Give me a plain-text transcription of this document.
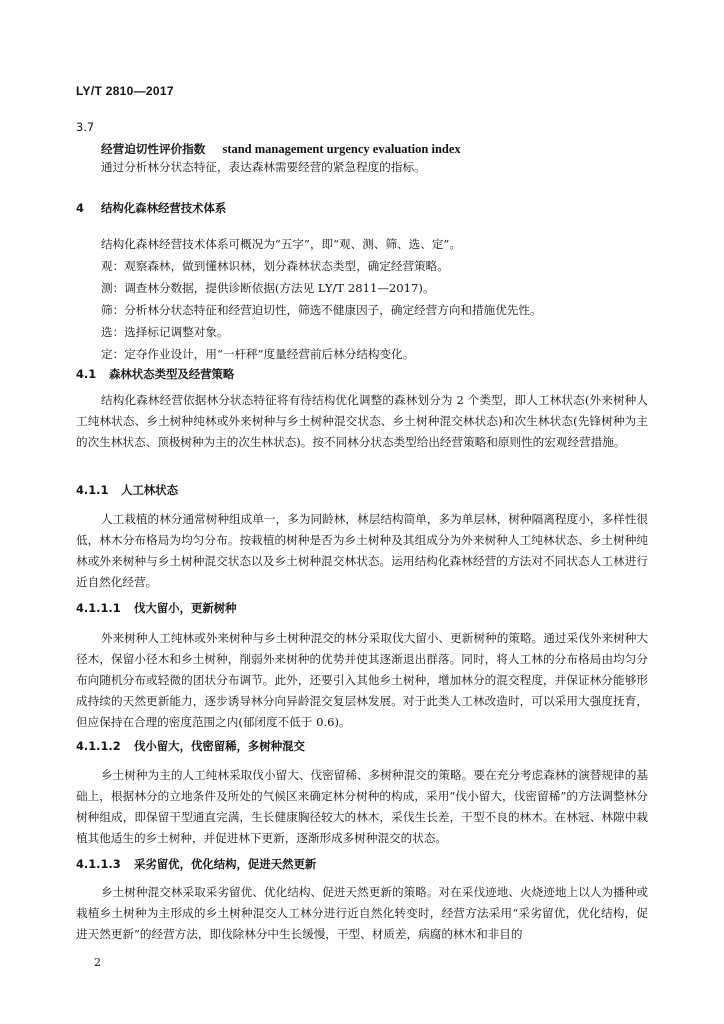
LY/T 2810—2017
3.7
经营迫切性评价指数 stand management urgency evaluation index
通过分析林分状态特征，表达森林需要经营的紧急程度的指标。
4 结构化森林经营技术体系
结构化森林经营技术体系可概况为“五字”，即“观、测、筛、选、定”。
观：观察森林，做到懂林识林，划分森林状态类型，确定经营策略。
测：调查林分数据，提供诊断依据(方法见 LY/T 2811—2017)。
筛：分析林分状态特征和经营迫切性，筛选不健康因子，确定经营方向和措施优先性。
选：选择标记调整对象。
定：定夺作业设计，用“一杆秤”度量经营前后林分结构变化。
4.1 森林状态类型及经营策略
结构化森林经营依据林分状态特征将有待结构优化调整的森林划分为 2 个类型，即人工林状态(外来树种人工纯林状态、乡土树种纯林或外来树种与乡土树种混交状态、乡土树种混交林状态)和次生林状态(先锋树种为主的次生林状态、顶极树种为主的次生林状态)。按不同林分状态类型给出经营策略和原则性的宏观经营措施。
4.1.1 人工林状态
人工栽植的林分通常树种组成单一，多为同龄林，林层结构简单，多为单层林，树种隔离程度小，多样性很低，林木分布格局为均匀分布。按栽植的树种是否为乡土树种及其组成分为外来树种人工纯林状态、乡土树种纯林或外来树种与乡土树种混交状态以及乡土树种混交林状态。运用结构化森林经营的方法对不同状态人工林进行近自然化经营。
4.1.1.1 伐大留小，更新树种
外来树种人工纯林或外来树种与乡土树种混交的林分采取伐大留小、更新树种的策略。通过采伐外来树种大径木，保留小径木和乡土树种，削弱外来树种的优势并使其逐渐退出群落。同时，将人工林的分布格局由均匀分布向随机分布或轻微的团状分布调节。此外，还要引入其他乡土树种，增加林分的混交程度，并保证林分能够形成持续的天然更新能力，逐步诱导林分向异龄混交复层林发展。对于此类人工林改造时，可以采用大强度抚育，但应保持在合理的密度范围之内(郁闭度不低于 0.6)。
4.1.1.2 伐小留大，伐密留稀，多树种混交
乡土树种为主的人工纯林采取伐小留大、伐密留稀、多树种混交的策略。要在充分考虑森林的演替规律的基础上，根据林分的立地条件及所处的气候区来确定林分树种的构成，采用“伐小留大，伐密留稀”的方法调整林分树种组成，即保留干型通直完满，生长健康胸径较大的林木，采伐生长差，干型不良的林木。在林冠、林隙中栽植其他适生的乡土树种，并促进林下更新，逐渐形成多树种混交的状态。
4.1.1.3 采劣留优，优化结构，促进天然更新
乡土树种混交林采取采劣留优、优化结构、促进天然更新的策略。对在采伐迹地、火烧迹地上以人为播种或栽植乡土树种为主形成的乡土树种混交人工林分进行近自然化转变时，经营方法采用“采劣留优，优化结构，促进天然更新”的经营方法，即伐除林分中生长缓慢，干型、材质差，病腐的林木和非目的
2
